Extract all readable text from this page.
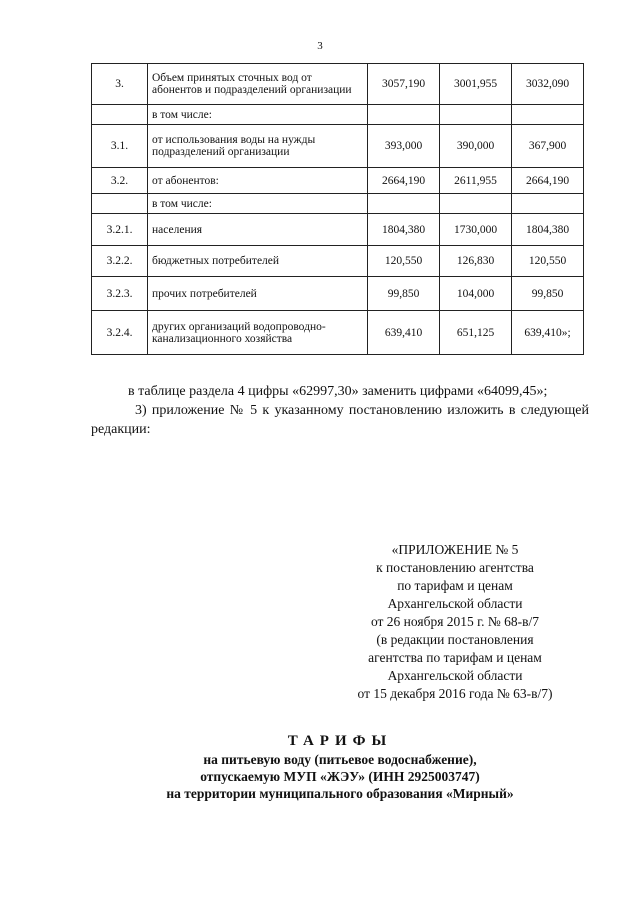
3
3.	Объем принятых сточных вод от абонентов и подразделений организации	3057,190	3001,955	3032,090
	в том числе:			
3.1.	от использования воды на нужды подразделений организации	393,000	390,000	367,900
3.2.	от абонентов:	2664,190	2611,955	2664,190
	в том числе:			
3.2.1.	населения	1804,380	1730,000	1804,380
3.2.2.	бюджетных потребителей	120,550	126,830	120,550
3.2.3.	прочих потребителей	99,850	104,000	99,850
3.2.4.	других организаций водопроводно-канализационного хозяйства	639,410	651,125	639,410»;
в таблице раздела 4 цифры «62997,30» заменить цифрами «64099,45»;
3) приложение № 5 к указанному постановлению изложить в следующей редакции:
«ПРИЛОЖЕНИЕ № 5
к постановлению агентства
по тарифам и ценам
Архангельской области
от 26 ноября 2015 г. № 68-в/7
(в редакции постановления
агентства по тарифам и ценам
Архангельской области
от 15 декабря 2016 года № 63-в/7)
ТАРИФЫ
на питьевую воду (питьевое водоснабжение),
отпускаемую МУП «ЖЭУ» (ИНН 2925003747)
на территории муниципального образования «Мирный»
